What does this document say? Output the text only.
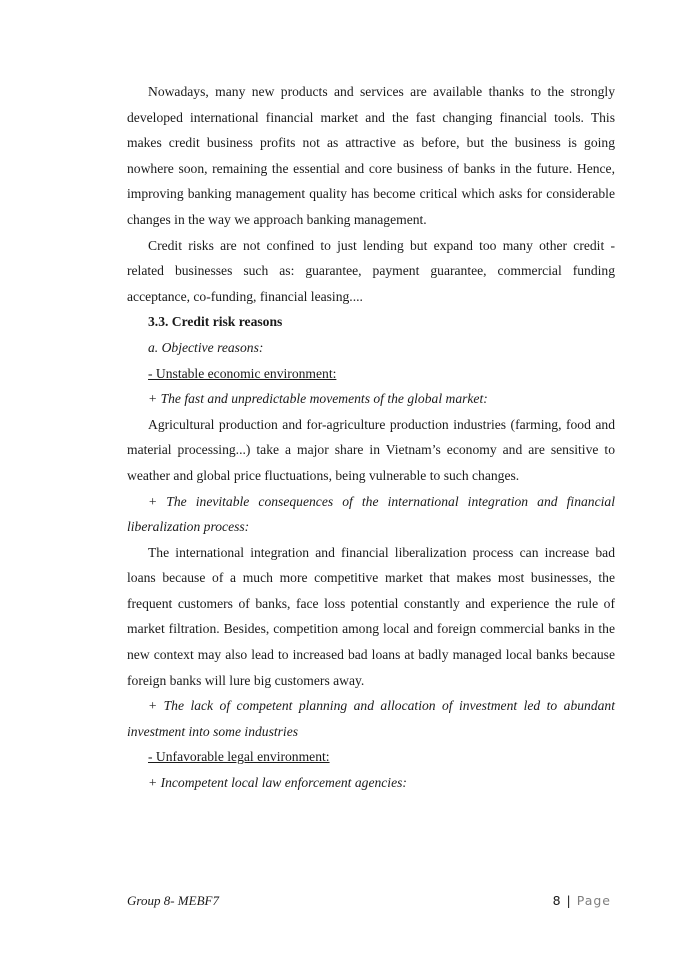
Nowadays, many new products and services are available thanks to the strongly developed international financial market and the fast changing financial tools. This makes credit business profits not as attractive as before, but the business is going nowhere soon, remaining the essential and core business of banks in the future. Hence, improving banking management quality has become critical which asks for considerable changes in the way we approach banking management.

Credit risks are not confined to just lending but expand too many other credit - related businesses such as: guarantee, payment guarantee, commercial funding acceptance, co-funding, financial leasing....

3.3. Credit risk reasons

a. Objective reasons:

- Unstable economic environment:

+ The fast and unpredictable movements of the global market:

Agricultural production and for-agriculture production industries (farming, food and material processing...) take a major share in Vietnam’s economy and are sensitive to weather and global price fluctuations, being vulnerable to such changes.

+ The inevitable consequences of the international integration and financial liberalization process:

The international integration and financial liberalization process can increase bad loans because of a much more competitive market that makes most businesses, the frequent customers of banks, face loss potential constantly and experience the rule of market filtration. Besides, competition among local and foreign commercial banks in the new context may also lead to increased bad loans at badly managed local banks because foreign banks will lure big customers away.

+ The lack of competent planning and allocation of investment led to abundant investment into some industries

- Unfavorable legal environment:

+ Incompetent local law enforcement agencies:

Group 8- MEBF7	8 | Page
